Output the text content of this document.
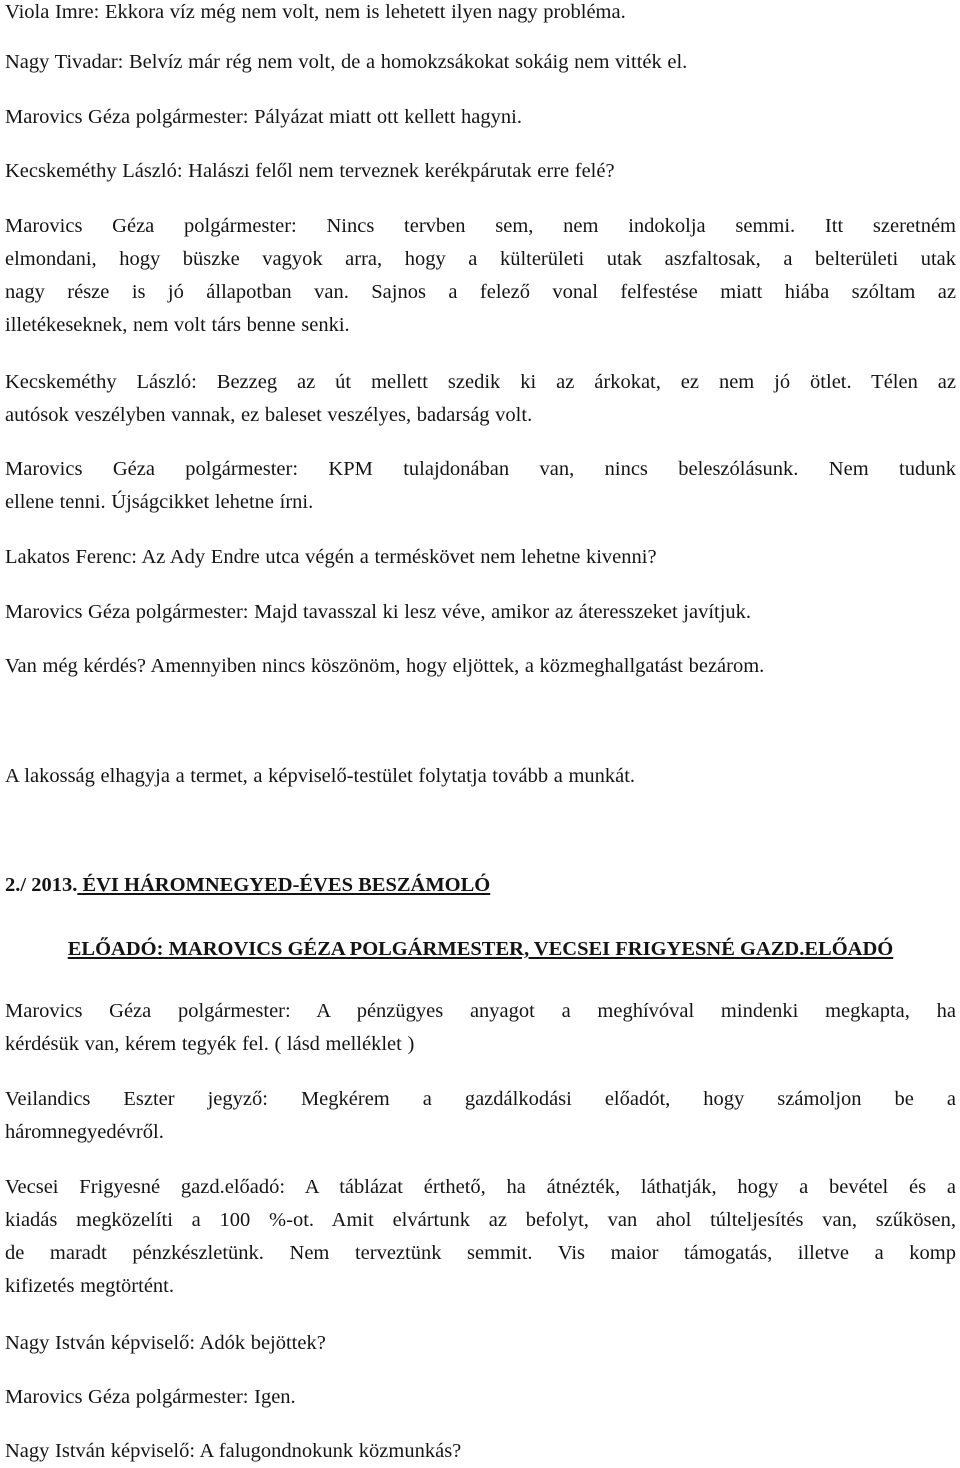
Viola Imre: Ekkora víz még nem volt, nem is lehetett ilyen nagy probléma.

Nagy Tivadar: Belvíz már rég nem volt, de a homokzsákokat sokáig nem vitték el.

Marovics Géza polgármester: Pályázat miatt ott kellett hagyni.

Kecskeméthy László: Halászi felől nem terveznek kerékpárutak erre felé?

Marovics Géza polgármester: Nincs tervben sem, nem indokolja semmi. Itt szeretném

elmondani, hogy büszke vagyok arra, hogy a külterületi utak aszfaltosak, a belterületi utak

nagy része is jó állapotban van. Sajnos a felező vonal felfestése miatt hiába szóltam az

illetékeseknek, nem volt társ benne senki.

Kecskeméthy László: Bezzeg az út mellett szedik ki az árkokat, ez nem jó ötlet. Télen az

autósok veszélyben vannak, ez baleset veszélyes, badarság volt.

Marovics Géza polgármester: KPM tulajdonában van, nincs beleszólásunk. Nem tudunk

ellene tenni. Újságcikket lehetne írni.

Lakatos Ferenc: Az Ady Endre utca végén a terméskövet nem lehetne kivenni?

Marovics Géza polgármester: Majd tavasszal ki lesz véve, amikor az áteresszeket javítjuk.

Van még kérdés? Amennyiben nincs köszönöm, hogy eljöttek, a közmeghallgatást bezárom.

A lakosság elhagyja a termet, a képviselő-testület folytatja tovább a munkát.

2./ 2013. ÉVI HÁROMNEGYED-ÉVES BESZÁMOLÓ

ELŐADÓ: MAROVICS GÉZA POLGÁRMESTER, VECSEI FRIGYESNÉ GAZD.ELŐADÓ

Marovics Géza polgármester: A pénzügyes anyagot a meghívóval mindenki megkapta, ha

kérdésük van, kérem tegyék fel. ( lásd melléklet )

Veilandics Eszter jegyző: Megkérem a gazdálkodási előadót, hogy számoljon be a

háromnegyedévről.

Vecsei Frigyesné gazd.előadó: A táblázat érthető, ha átnézték, láthatják, hogy a bevétel és a

kiadás megközelíti a 100 %-ot. Amit elvártunk az befolyt, van ahol túlteljesítés van, szűkösen,

de maradt pénzkészletünk. Nem terveztünk semmit. Vis maior támogatás, illetve a komp

kifizetés megtörtént.

Nagy István képviselő: Adók bejöttek?

Marovics Géza polgármester: Igen.

Nagy István képviselő: A falugondnokunk közmunkás?
